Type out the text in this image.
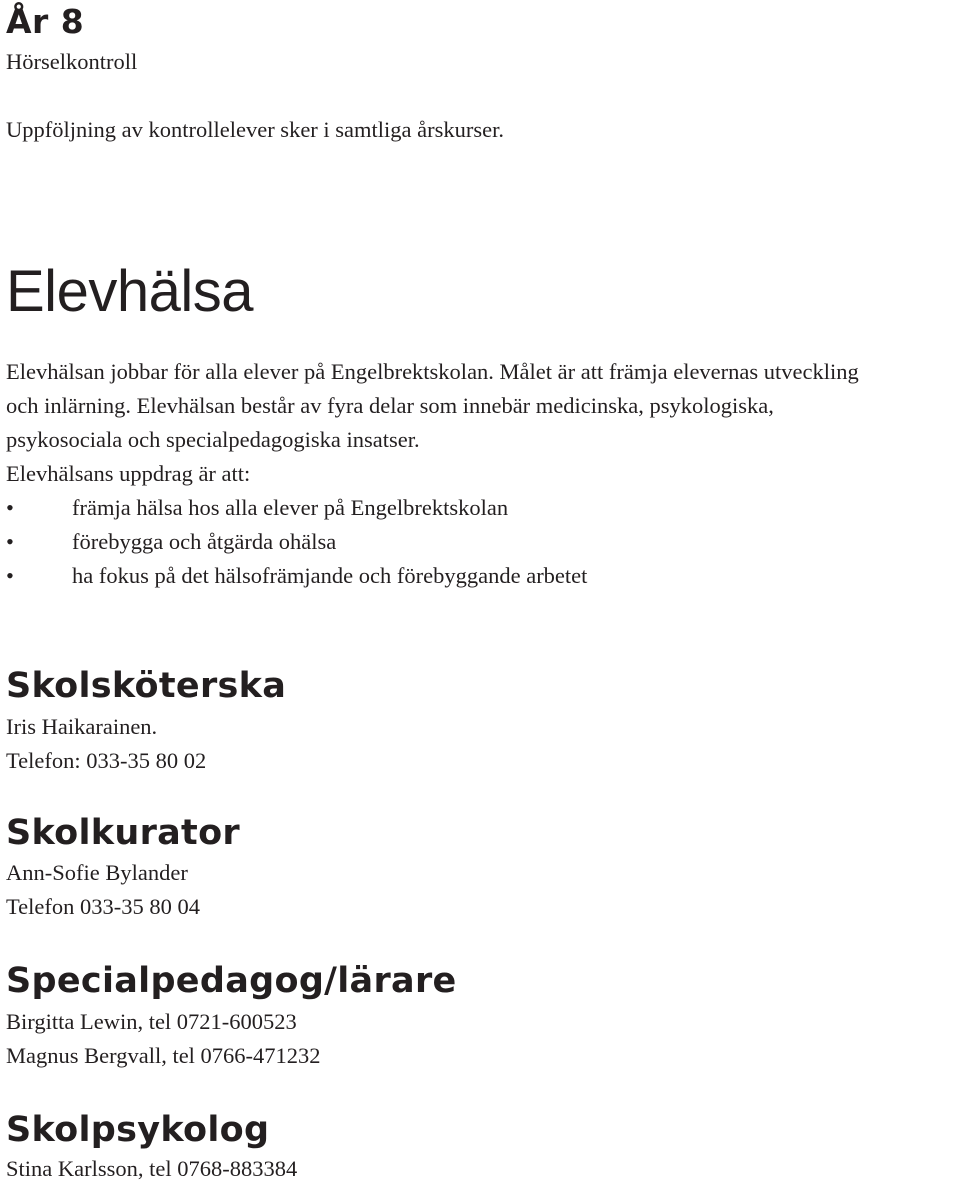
År 8

Hörselkontroll

Uppföljning av kontrollelever sker i samtliga årskurser.

Elevhälsa

Elevhälsan jobbar för alla elever på Engelbrektskolan. Målet är att främja elevernas utveckling

och inlärning. Elevhälsan består av fyra delar som innebär medicinska, psykologiska,

psykosociala och specialpedagogiska insatser.

Elevhälsans uppdrag är att:

•	främja hälsa hos alla elever på Engelbrektskolan
•	förebygga och åtgärda ohälsa
•	ha fokus på det hälsofrämjande och förebyggande arbetet
Skolsköterska

Iris Haikarainen.

Telefon: 033-35 80 02

Skolkurator

Ann-Sofie Bylander

Telefon 033-35 80 04

Specialpedagog/lärare

Birgitta Lewin, tel 0721-600523

Magnus Bergvall, tel 0766-471232

Skolpsykolog

Stina Karlsson, tel 0768-883384
